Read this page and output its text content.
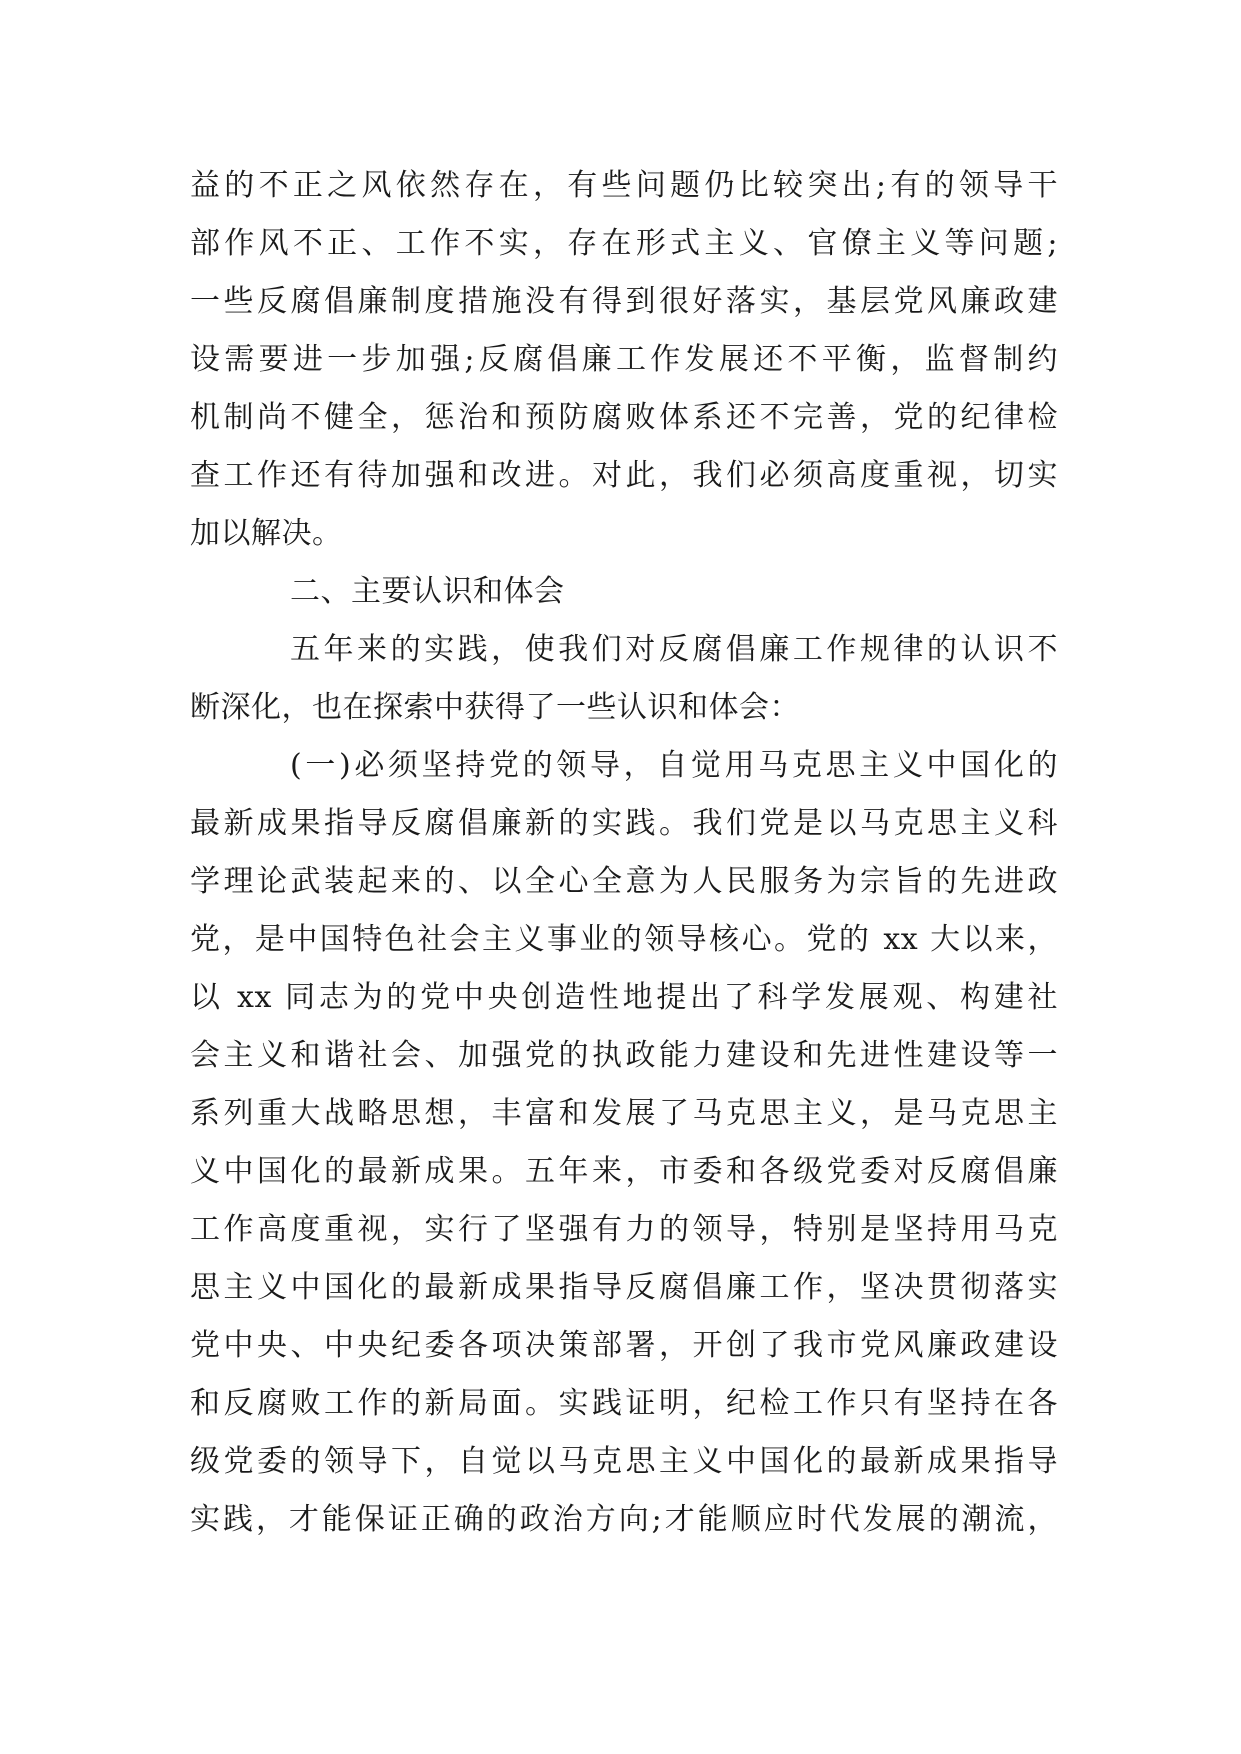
益的不正之风依然存在，有些问题仍比较突出;有的领导干
部作风不正、工作不实，存在形式主义、官僚主义等问题;
一些反腐倡廉制度措施没有得到很好落实，基层党风廉政建
设需要进一步加强;反腐倡廉工作发展还不平衡，监督制约
机制尚不健全，惩治和预防腐败体系还不完善，党的纪律检
查工作还有待加强和改进。对此，我们必须高度重视，切实
加以解决。
二、主要认识和体会
五年来的实践，使我们对反腐倡廉工作规律的认识不
断深化，也在探索中获得了一些认识和体会：
(一)必须坚持党的领导，自觉用马克思主义中国化的
最新成果指导反腐倡廉新的实践。我们党是以马克思主义科
学理论武装起来的、以全心全意为人民服务为宗旨的先进政
党，是中国特色社会主义事业的领导核心。党的 xx 大以来，
以 xx 同志为的党中央创造性地提出了科学发展观、构建社
会主义和谐社会、加强党的执政能力建设和先进性建设等一
系列重大战略思想，丰富和发展了马克思主义，是马克思主
义中国化的最新成果。五年来，市委和各级党委对反腐倡廉
工作高度重视，实行了坚强有力的领导，特别是坚持用马克
思主义中国化的最新成果指导反腐倡廉工作，坚决贯彻落实
党中央、中央纪委各项决策部署，开创了我市党风廉政建设
和反腐败工作的新局面。实践证明，纪检工作只有坚持在各
级党委的领导下，自觉以马克思主义中国化的最新成果指导
实践，才能保证正确的政治方向;才能顺应时代发展的潮流，
